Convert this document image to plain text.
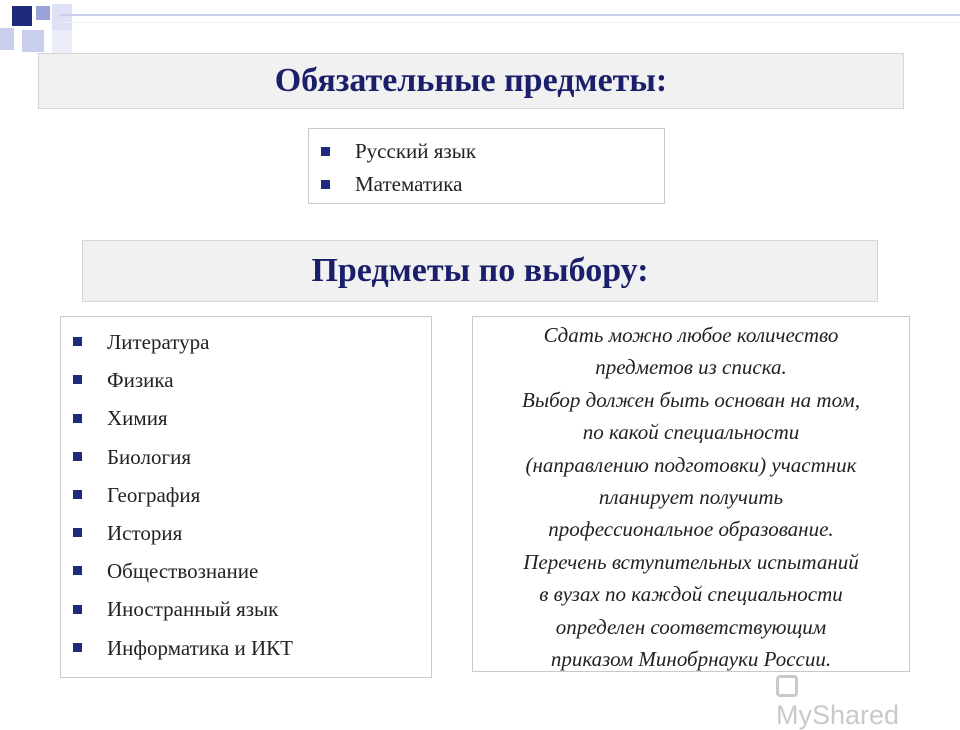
Обязательные предметы:
Русский язык
Математика
Предметы по выбору:
Литература
Физика
Химия
Биология
География
История
Обществознание
Иностранный язык
Информатика и ИКТ

Сдать можно любое количество
предметов из списка.
Выбор должен быть основан на том,
по какой специальности
(направлению подготовки) участник
планирует получить
профессиональное образование.
Перечень вступительных испытаний
в вузах по каждой специальности
определен соответствующим
приказом Минобрнауки России.

MyShared
